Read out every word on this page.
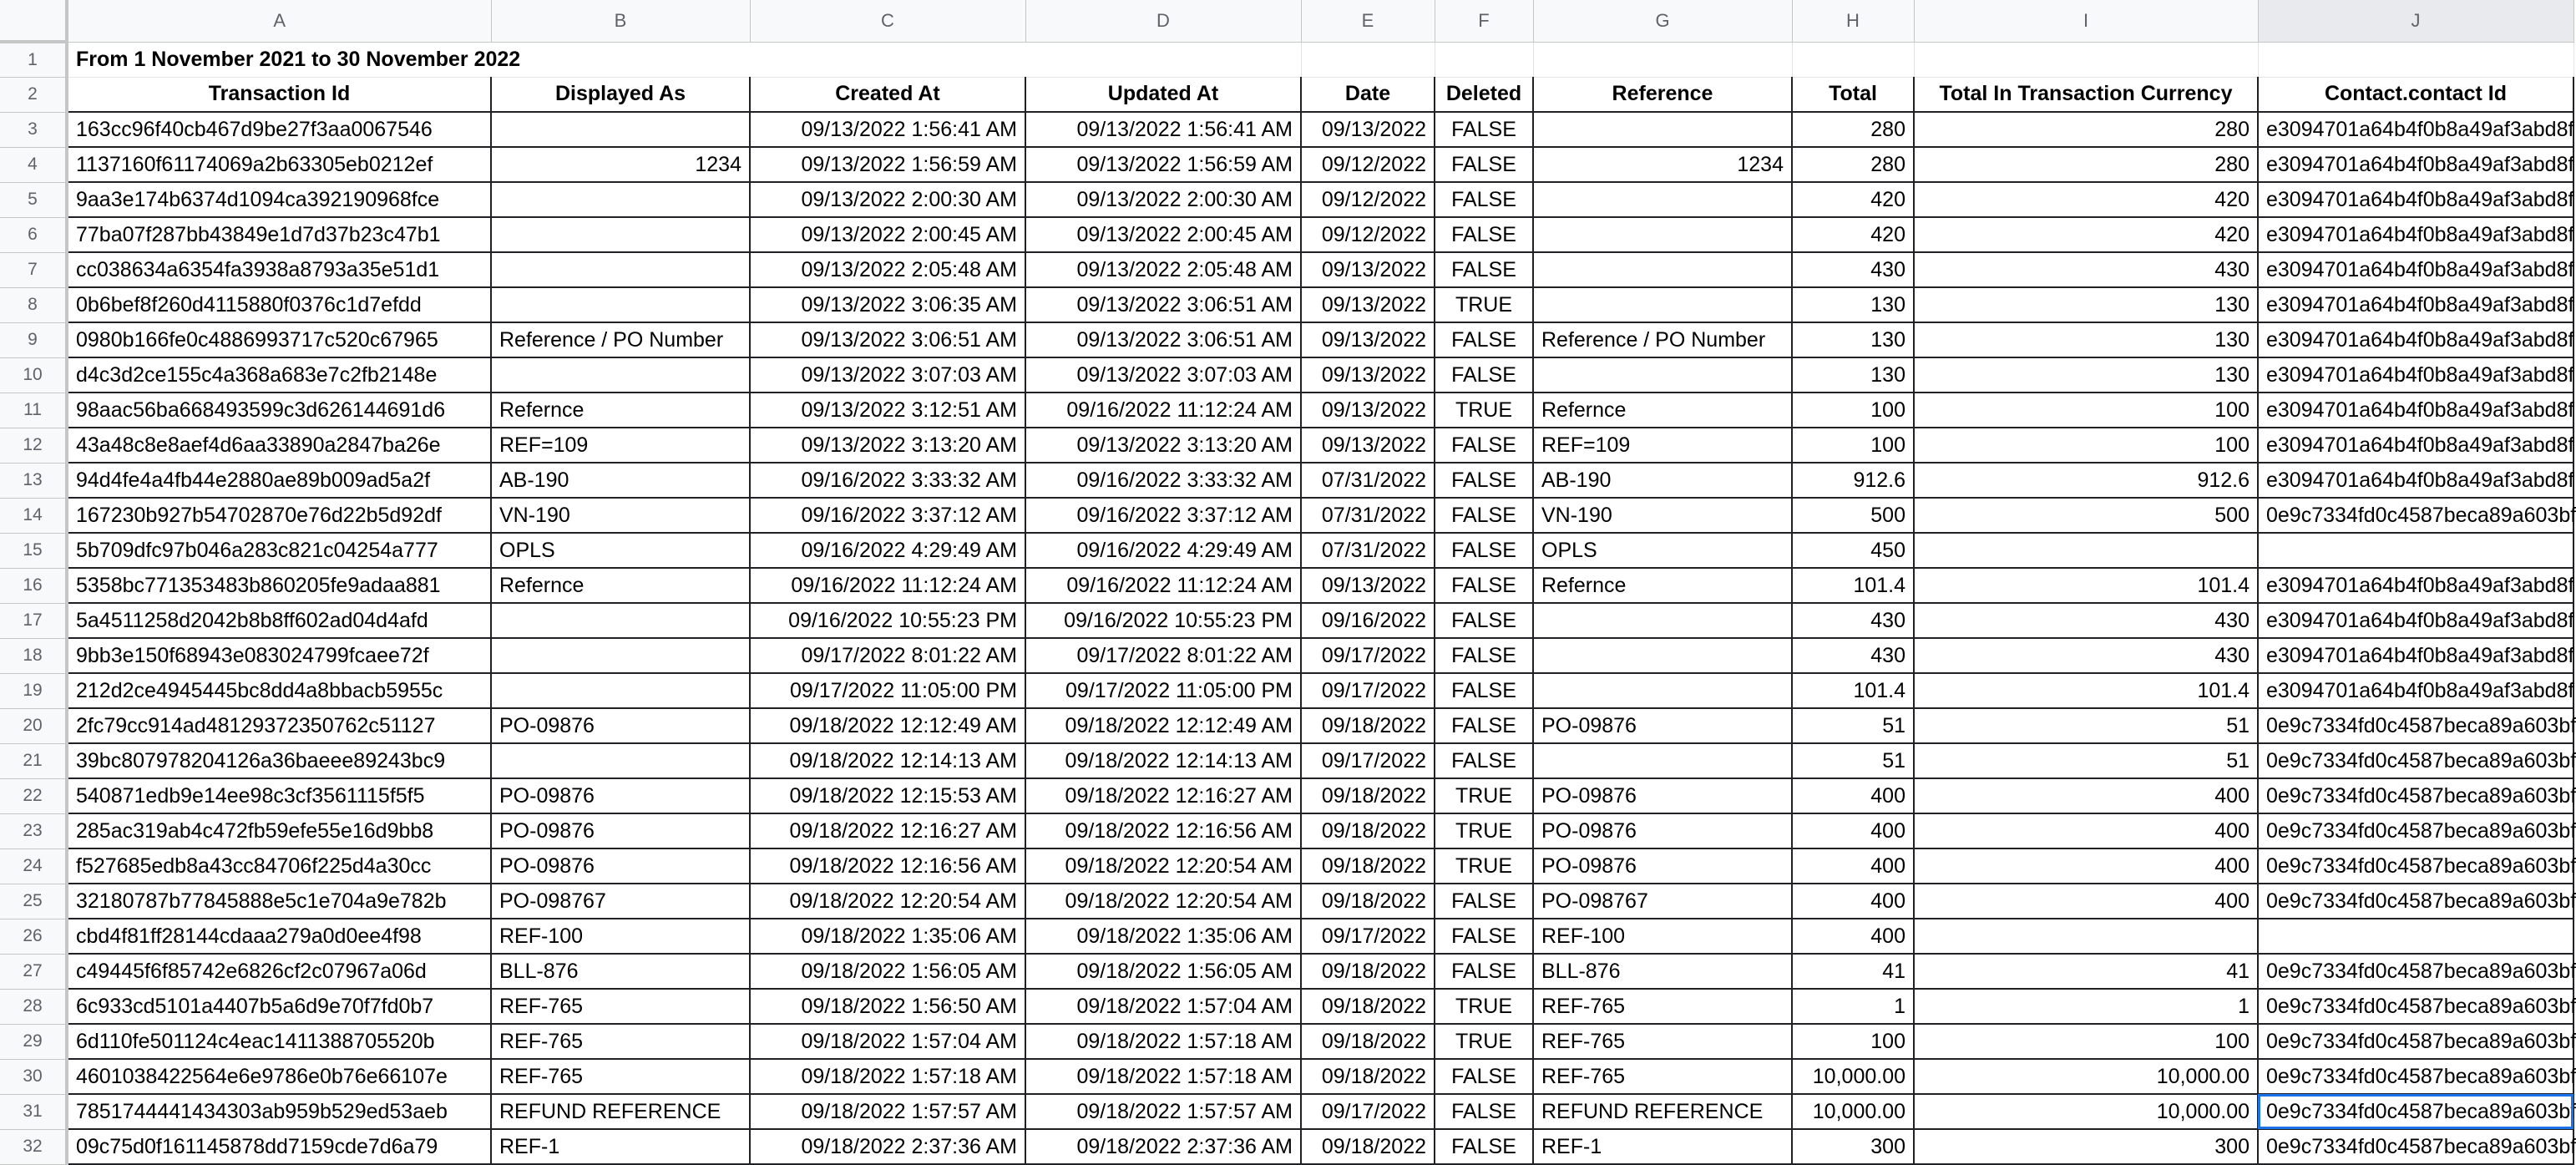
	A	B	C	D	E	F	G	H	I	J
1	From 1 November 2021 to 30 November 2022									
2	Transaction Id	Displayed As	Created At	Updated At	Date	Deleted	Reference	Total	Total In Transaction Currency	Contact.contact Id
3	163cc96f40cb467d9be27f3aa0067546		09/13/2022 1:56:41 AM	09/13/2022 1:56:41 AM	09/13/2022	FALSE		280	280	e3094701a64b4f0b8a49af3abd8f
4	1137160f61174069a2b63305eb0212ef	1234	09/13/2022 1:56:59 AM	09/13/2022 1:56:59 AM	09/12/2022	FALSE	1234	280	280	e3094701a64b4f0b8a49af3abd8f
5	9aa3e174b6374d1094ca392190968fce		09/13/2022 2:00:30 AM	09/13/2022 2:00:30 AM	09/12/2022	FALSE		420	420	e3094701a64b4f0b8a49af3abd8f
6	77ba07f287bb43849e1d7d37b23c47b1		09/13/2022 2:00:45 AM	09/13/2022 2:00:45 AM	09/12/2022	FALSE		420	420	e3094701a64b4f0b8a49af3abd8f
7	cc038634a6354fa3938a8793a35e51d1		09/13/2022 2:05:48 AM	09/13/2022 2:05:48 AM	09/13/2022	FALSE		430	430	e3094701a64b4f0b8a49af3abd8f
8	0b6bef8f260d4115880f0376c1d7efdd		09/13/2022 3:06:35 AM	09/13/2022 3:06:51 AM	09/13/2022	TRUE		130	130	e3094701a64b4f0b8a49af3abd8f
9	0980b166fe0c4886993717c520c67965	Reference / PO Number	09/13/2022 3:06:51 AM	09/13/2022 3:06:51 AM	09/13/2022	FALSE	Reference / PO Number	130	130	e3094701a64b4f0b8a49af3abd8f
10	d4c3d2ce155c4a368a683e7c2fb2148e		09/13/2022 3:07:03 AM	09/13/2022 3:07:03 AM	09/13/2022	FALSE		130	130	e3094701a64b4f0b8a49af3abd8f
11	98aac56ba668493599c3d626144691d6	Refernce	09/13/2022 3:12:51 AM	09/16/2022 11:12:24 AM	09/13/2022	TRUE	Refernce	100	100	e3094701a64b4f0b8a49af3abd8f
12	43a48c8e8aef4d6aa33890a2847ba26e	REF=109	09/13/2022 3:13:20 AM	09/13/2022 3:13:20 AM	09/13/2022	FALSE	REF=109	100	100	e3094701a64b4f0b8a49af3abd8f
13	94d4fe4a4fb44e2880ae89b009ad5a2f	AB-190	09/16/2022 3:33:32 AM	09/16/2022 3:33:32 AM	07/31/2022	FALSE	AB-190	912.6	912.6	e3094701a64b4f0b8a49af3abd8f
14	167230b927b54702870e76d22b5d92df	VN-190	09/16/2022 3:37:12 AM	09/16/2022 3:37:12 AM	07/31/2022	FALSE	VN-190	500	500	0e9c7334fd0c4587beca89a603bf
15	5b709dfc97b046a283c821c04254a777	OPLS	09/16/2022 4:29:49 AM	09/16/2022 4:29:49 AM	07/31/2022	FALSE	OPLS	450		
16	5358bc771353483b860205fe9adaa881	Refernce	09/16/2022 11:12:24 AM	09/16/2022 11:12:24 AM	09/13/2022	FALSE	Refernce	101.4	101.4	e3094701a64b4f0b8a49af3abd8f
17	5a4511258d2042b8b8ff602ad04d4afd		09/16/2022 10:55:23 PM	09/16/2022 10:55:23 PM	09/16/2022	FALSE		430	430	e3094701a64b4f0b8a49af3abd8f
18	9bb3e150f68943e083024799fcaee72f		09/17/2022 8:01:22 AM	09/17/2022 8:01:22 AM	09/17/2022	FALSE		430	430	e3094701a64b4f0b8a49af3abd8f
19	212d2ce4945445bc8dd4a8bbacb5955c		09/17/2022 11:05:00 PM	09/17/2022 11:05:00 PM	09/17/2022	FALSE		101.4	101.4	e3094701a64b4f0b8a49af3abd8f
20	2fc79cc914ad48129372350762c51127	PO-09876	09/18/2022 12:12:49 AM	09/18/2022 12:12:49 AM	09/18/2022	FALSE	PO-09876	51	51	0e9c7334fd0c4587beca89a603bf
21	39bc807978204126a36baeee89243bc9		09/18/2022 12:14:13 AM	09/18/2022 12:14:13 AM	09/17/2022	FALSE		51	51	0e9c7334fd0c4587beca89a603bf
22	540871edb9e14ee98c3cf3561115f5f5	PO-09876	09/18/2022 12:15:53 AM	09/18/2022 12:16:27 AM	09/18/2022	TRUE	PO-09876	400	400	0e9c7334fd0c4587beca89a603bf
23	285ac319ab4c472fb59efe55e16d9bb8	PO-09876	09/18/2022 12:16:27 AM	09/18/2022 12:16:56 AM	09/18/2022	TRUE	PO-09876	400	400	0e9c7334fd0c4587beca89a603bf
24	f527685edb8a43cc84706f225d4a30cc	PO-09876	09/18/2022 12:16:56 AM	09/18/2022 12:20:54 AM	09/18/2022	TRUE	PO-09876	400	400	0e9c7334fd0c4587beca89a603bf
25	32180787b77845888e5c1e704a9e782b	PO-098767	09/18/2022 12:20:54 AM	09/18/2022 12:20:54 AM	09/18/2022	FALSE	PO-098767	400	400	0e9c7334fd0c4587beca89a603bf
26	cbd4f81ff28144cdaaa279a0d0ee4f98	REF-100	09/18/2022 1:35:06 AM	09/18/2022 1:35:06 AM	09/17/2022	FALSE	REF-100	400		
27	c49445f6f85742e6826cf2c07967a06d	BLL-876	09/18/2022 1:56:05 AM	09/18/2022 1:56:05 AM	09/18/2022	FALSE	BLL-876	41	41	0e9c7334fd0c4587beca89a603bf
28	6c933cd5101a4407b5a6d9e70f7fd0b7	REF-765	09/18/2022 1:56:50 AM	09/18/2022 1:57:04 AM	09/18/2022	TRUE	REF-765	1	1	0e9c7334fd0c4587beca89a603bf
29	6d110fe501124c4eac1411388705520b	REF-765	09/18/2022 1:57:04 AM	09/18/2022 1:57:18 AM	09/18/2022	TRUE	REF-765	100	100	0e9c7334fd0c4587beca89a603bf
30	4601038422564e6e9786e0b76e66107e	REF-765	09/18/2022 1:57:18 AM	09/18/2022 1:57:18 AM	09/18/2022	FALSE	REF-765	10,000.00	10,000.00	0e9c7334fd0c4587beca89a603bf
31	7851744441434303ab959b529ed53aeb	REFUND REFERENCE	09/18/2022 1:57:57 AM	09/18/2022 1:57:57 AM	09/17/2022	FALSE	REFUND REFERENCE	10,000.00	10,000.00	0e9c7334fd0c4587beca89a603bf
32	09c75d0f161145878dd7159cde7d6a79	REF-1	09/18/2022 2:37:36 AM	09/18/2022 2:37:36 AM	09/18/2022	FALSE	REF-1	300	300	0e9c7334fd0c4587beca89a603bf
